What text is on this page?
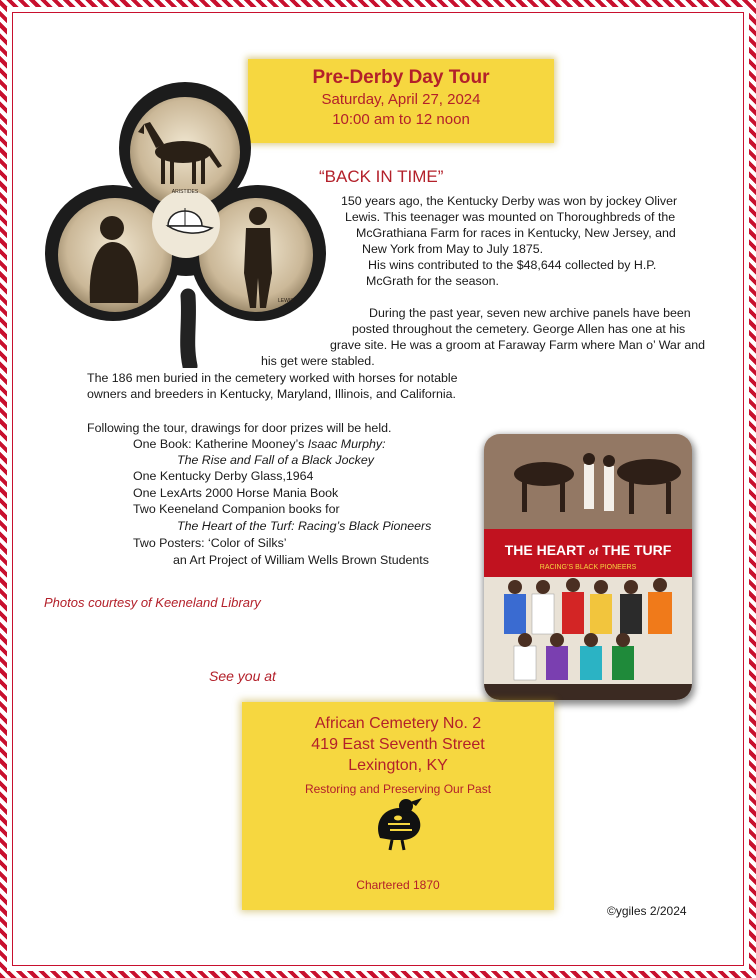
Pre-Derby Day Tour
Saturday, April 27, 2024
10:00 am to 12 noon
ARISTIDES
LEWIS
“BACK IN TIME”
150 years ago, the Kentucky Derby was won by jockey Oliver
Lewis. This teenager was mounted on Thoroughbreds of the
McGrathiana Farm for races in Kentucky, New Jersey, and
New York from May to July 1875.
His wins contributed to the $48,644 collected by H.P.
McGrath for the season.
During the past year, seven new archive panels have been
posted throughout the cemetery. George Allen has one at his
grave site. He was a groom at Faraway Farm where Man o’ War and
his get were stabled.
The 186 men buried in the cemetery worked with horses for notable
owners and breeders in Kentucky, Maryland, Illinois, and California.
Following the tour, drawings for door prizes will be held.
One Book: Katherine Mooney’s Isaac Murphy:
The Rise and Fall of a Black Jockey
One Kentucky Derby Glass,1964
One LexArts 2000 Horse Mania Book
Two Keeneland Companion books for
The Heart of the Turf: Racing’s Black Pioneers
Two Posters: ‘Color of Silks’
an Art Project of William Wells Brown Students
Photos courtesy of Keeneland Library
See you at
THE HEART of THE TURF
RACING’S BLACK PIONEERS
African Cemetery No. 2
419 East Seventh Street
Lexington, KY
Restoring and Preserving Our Past
Chartered 1870
©ygiles 2/2024
